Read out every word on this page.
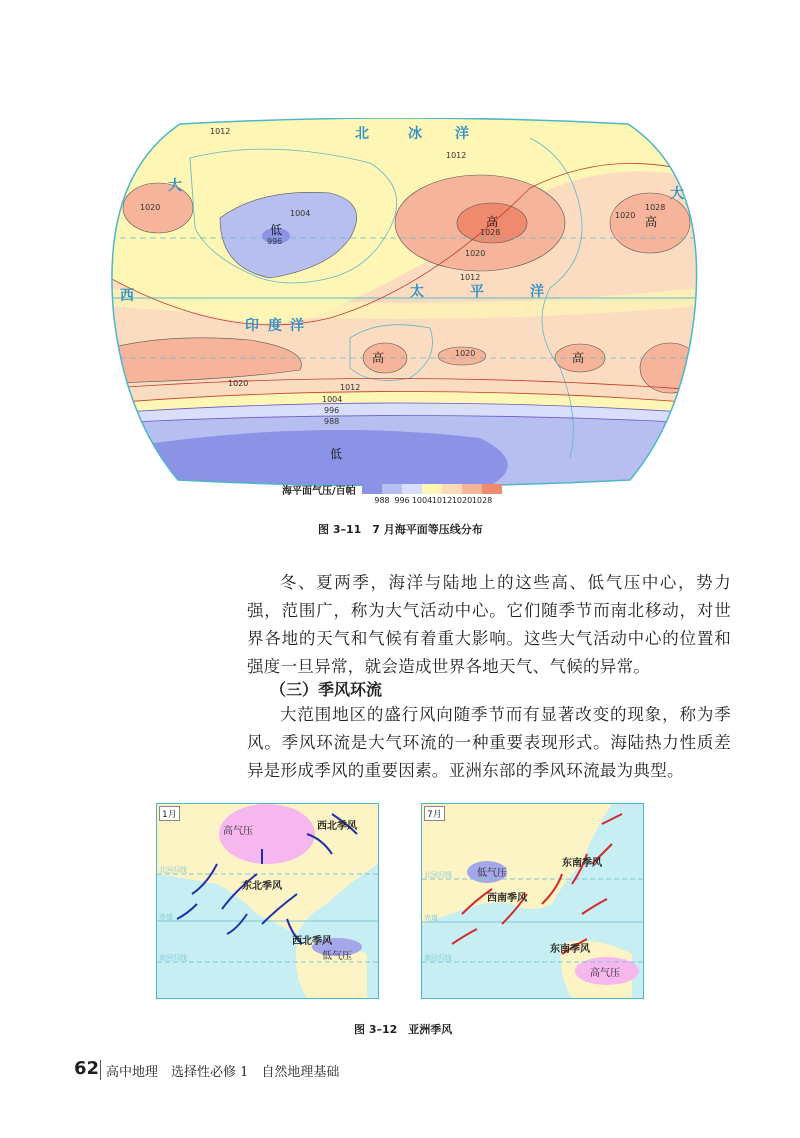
北	冰 洋
太	平	洋
印 度 洋
西
大	大
低
高	高
高	高
低
1012
1012
1004
996
1020
1028
1012
1020
1020
1028
1020
1020	1012
1004
996
988
海平面气压/百帕
988 996 1004 1012 1020 1028
图 3–11　7 月海平面等压线分布

冬、夏两季，海洋与陆地上的这些高、低气压中心，势力强，范围广，称为大气活动中心。它们随季节而南北移动，对世界各地的天气和气候有着重大影响。这些大气活动中心的位置和强度一旦异常，就会造成世界各地天气、气候的异常。

（三）季风环流

大范围地区的盛行风向随季节而有显著改变的现象，称为季风。季风环流是大气环流的一种重要表现形式。海陆热力性质差异是形成季风的重要因素。亚洲东部的季风环流最为典型。

高气压
低气压
西北季风
东北季风
西北季风
北回归线
赤道
南回归线
1月
低气压
高气压
东南季风
西南季风
东南季风
北回归线
赤道
南回归线
7月
图 3–12　亚洲季风
62 高中地理　选择性必修 1　自然地理基础
